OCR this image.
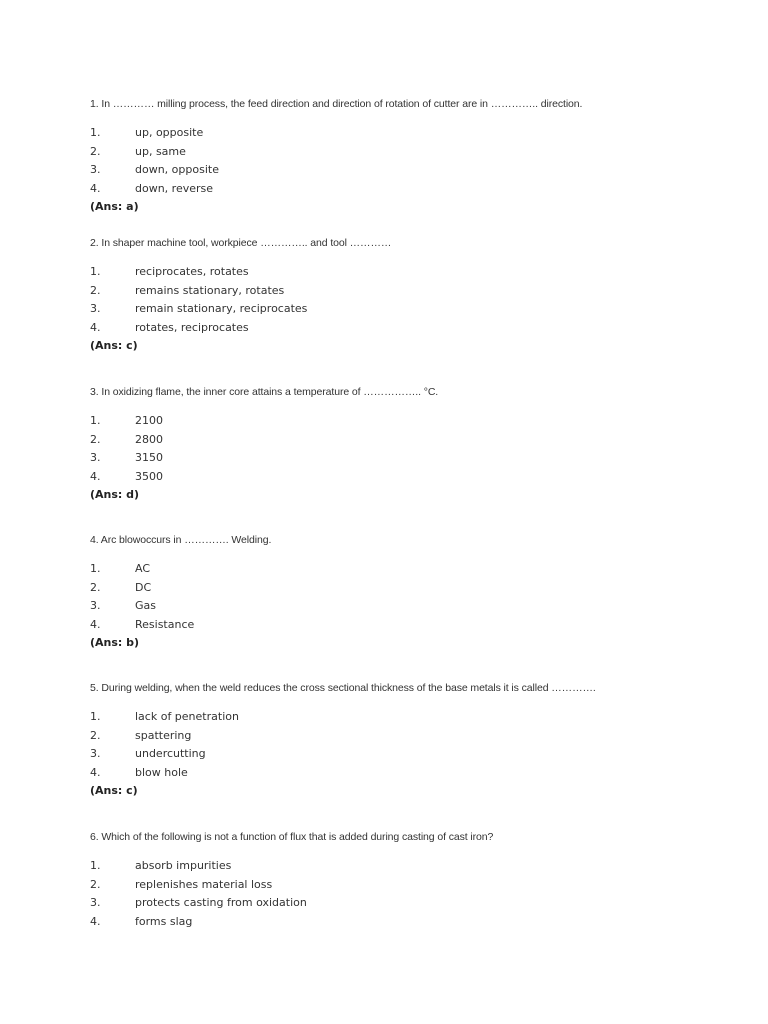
1. In ………… milling process, the feed direction and direction of rotation of cutter are in ………….. direction.
1.	up, opposite
2.	up, same
3.	down, opposite
4.	down, reverse
(Ans: a)
2. In shaper machine tool, workpiece ………….. and tool …………
1.	reciprocates, rotates
2.	remains stationary, rotates
3.	remain stationary, reciprocates
4.	rotates, reciprocates
(Ans: c)
3. In oxidizing flame, the inner core attains a temperature of …………….. °C.
1.	2100
2.	2800
3.	3150
4.	3500
(Ans: d)
4. Arc blowoccurs in …………. Welding.
1.	AC
2.	DC
3.	Gas
4.	Resistance
(Ans: b)
5. During welding, when the weld reduces the cross sectional thickness of the base metals it is called ………….
1.	lack of penetration
2.	spattering
3.	undercutting
4.	blow hole
(Ans: c)
6. Which of the following is not a function of flux that is added during casting of cast iron?
1.	absorb impurities
2.	replenishes material loss
3.	protects casting from oxidation
4.	forms slag
